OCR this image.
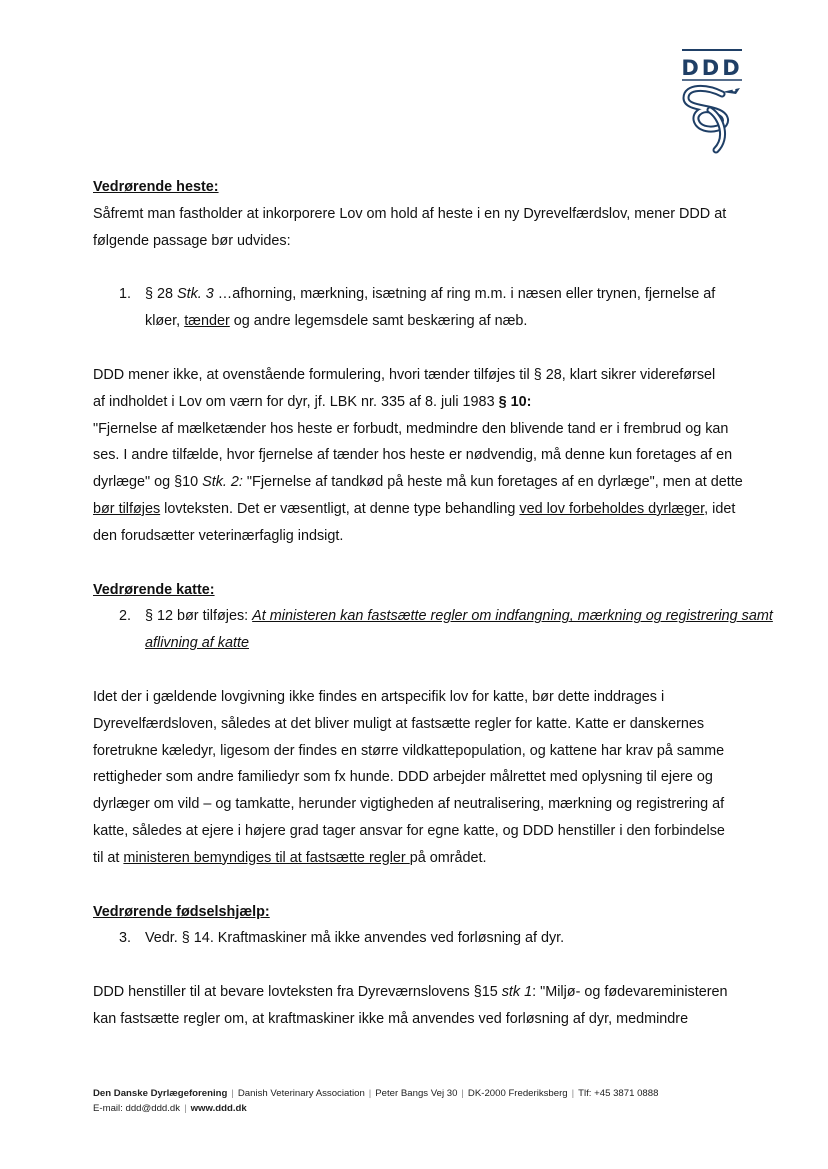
DDD
Vedrørende heste:
Såfremt man fastholder at inkorporere Lov om hold af heste i en ny Dyrevelfærdslov, mener DDD at
følgende passage bør udvides:
1. § 28 Stk. 3 …afhorning, mærkning, isætning af ring m.m. i næsen eller trynen, fjernelse af
kløer, tænder og andre legemsdele samt beskæring af næb.
DDD mener ikke, at ovenstående formulering, hvori tænder tilføjes til § 28, klart sikrer videreførsel
af indholdet i Lov om værn for dyr, jf. LBK nr. 335 af 8. juli 1983 § 10:
"Fjernelse af mælketænder hos heste er forbudt, medmindre den blivende tand er i frembrud og kan
ses. I andre tilfælde, hvor fjernelse af tænder hos heste er nødvendig, må denne kun foretages af en
dyrlæge" og §10 Stk. 2: "Fjernelse af tandkød på heste må kun foretages af en dyrlæge", men at dette
bør tilføjes lovteksten. Det er væsentligt, at denne type behandling ved lov forbeholdes dyrlæger, idet
den forudsætter veterinærfaglig indsigt.
Vedrørende katte:
2. § 12 bør tilføjes: At ministeren kan fastsætte regler om indfangning, mærkning og registrering samt
aflivning af katte
Idet der i gældende lovgivning ikke findes en artspecifik lov for katte, bør dette inddrages i
Dyrevelfærdsloven, således at det bliver muligt at fastsætte regler for katte. Katte er danskernes
foretrukne kæledyr, ligesom der findes en større vildkattepopulation, og kattene har krav på samme
rettigheder som andre familiedyr som fx hunde. DDD arbejder målrettet med oplysning til ejere og
dyrlæger om vild – og tamkatte, herunder vigtigheden af neutralisering, mærkning og registrering af
katte, således at ejere i højere grad tager ansvar for egne katte, og DDD henstiller i den forbindelse
til at ministeren bemyndiges til at fastsætte regler på området.
Vedrørende fødselshjælp:
3. Vedr. § 14. Kraftmaskiner må ikke anvendes ved forløsning af dyr.
DDD henstiller til at bevare lovteksten fra Dyreværnslovens §15 stk 1: "Miljø- og fødevareministeren
kan fastsætte regler om, at kraftmaskiner ikke må anvendes ved forløsning af dyr, medmindre
Den Danske Dyrlægeforening | Danish Veterinary Association | Peter Bangs Vej 30 | DK-2000 Frederiksberg | Tlf: +45 3871 0888
E-mail: ddd@ddd.dk | www.ddd.dk
